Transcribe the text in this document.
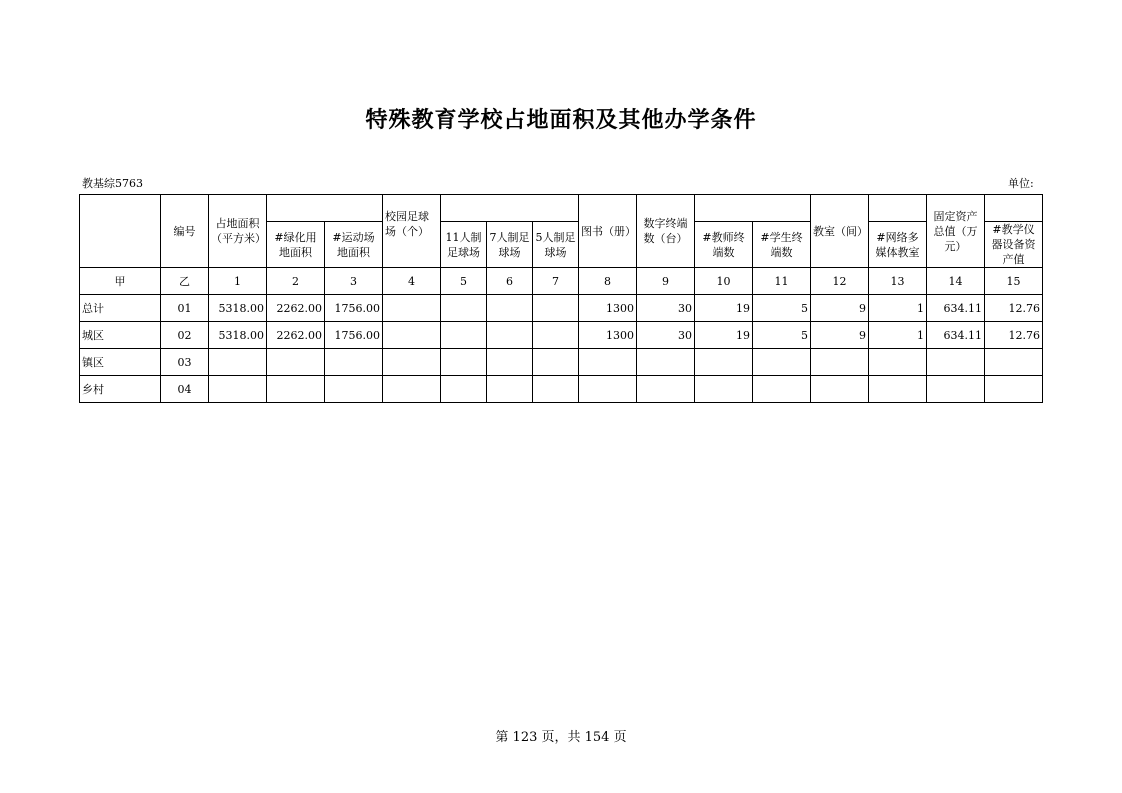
特殊教育学校占地面积及其他办学条件
教基综5763	单位:
	编号	占地面积（平方米）			校园足球场（个）				图书（册）	数字终端数（台）			教室（间）		固定资产总值（万元）	
			#绿化用地面积	#运动场地面积		11人制足球场	7人制足球场	5人制足球场			#教师终端数	#学生终端数		#网络多媒体教室		#教学仪器设备资产值
甲	乙	1	2	3	4	5	6	7	8	9	10	11	12	13	14	15
总计	01	5318.00	2262.00	1756.00					1300	30	19	5	9	1	634.11	12.76
城区	02	5318.00	2262.00	1756.00					1300	30	19	5	9	1	634.11	12.76
镇区	03															
乡村	04															
第 123 页，共 154 页
